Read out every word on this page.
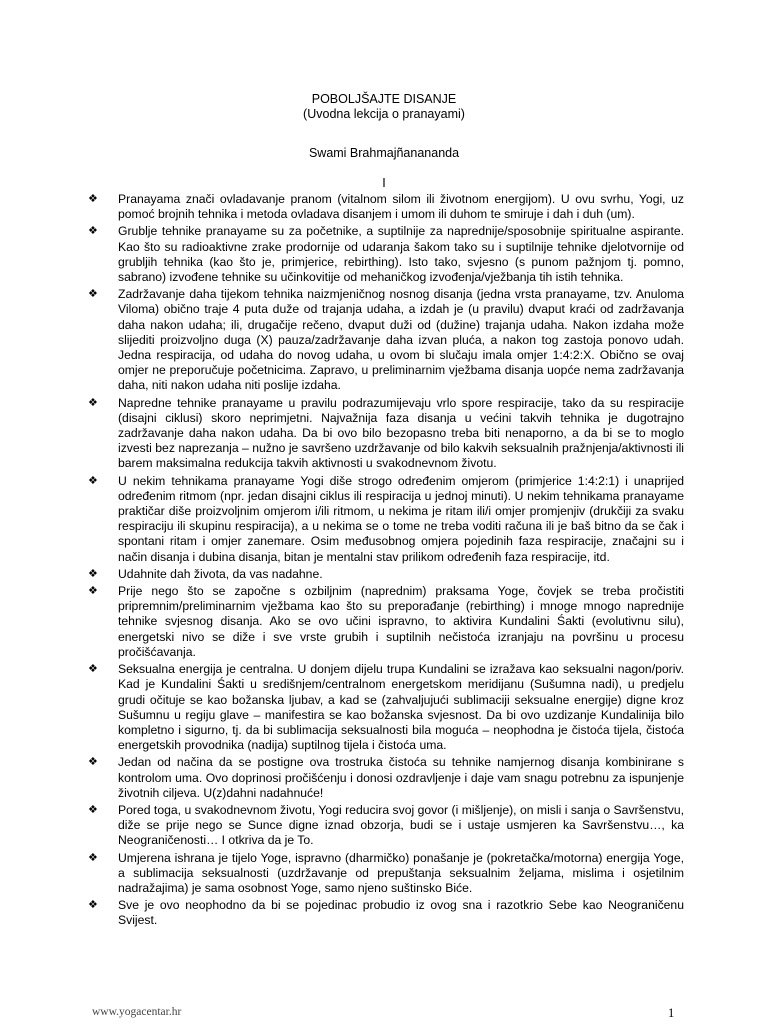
POBOLJŠAJTE DISANJE

(Uvodna lekcija o pranayami)

Swami Brahmajñanananda

I
❖ Pranayama znači ovladavanje pranom (vitalnom silom ili životnom energijom). U ovu svrhu, Yogi, uz pomoć brojnih tehnika i metoda ovladava disanjem i umom ili duhom te smiruje i dah i duh (um).
❖ Grublje tehnike pranayame su za početnike, a suptilnije za naprednije/sposobnije spiritualne aspirante. Kao što su radioaktivne zrake prodornije od udaranja šakom tako su i suptilnije tehnike djelotvornije od grubljih tehnika (kao što je, primjerice, rebirthing). Isto tako, svjesno (s punom pažnjom tj. pomno, sabrano) izvođene tehnike su učinkovitije od mehaničkog izvođenja/vježbanja tih istih tehnika.
❖ Zadržavanje daha tijekom tehnika naizmjeničnog nosnog disanja (jedna vrsta pranayame, tzv. Anuloma Viloma) obično traje 4 puta duže od trajanja udaha, a izdah je (u pravilu) dvaput kraći od zadržavanja daha nakon udaha; ili, drugačije rečeno, dvaput duži od (dužine) trajanja udaha. Nakon izdaha može slijediti proizvoljno duga (X) pauza/zadržavanje daha izvan pluća, a nakon tog zastoja ponovo udah. Jedna respiracija, od udaha do novog udaha, u ovom bi slučaju imala omjer 1:4:2:X. Obično se ovaj omjer ne preporučuje početnicima. Zapravo, u preliminarnim vježbama disanja uopće nema zadržavanja daha, niti nakon udaha niti poslije izdaha.
❖ Napredne tehnike pranayame u pravilu podrazumijevaju vrlo spore respiracije, tako da su respiracije (disajni ciklusi) skoro neprimjetni. Najvažnija faza disanja u većini takvih tehnika je dugotrajno zadržavanje daha nakon udaha. Da bi ovo bilo bezopasno treba biti nenaporno, a da bi se to moglo izvesti bez naprezanja – nužno je savršeno uzdržavanje od bilo kakvih seksualnih pražnjenja/aktivnosti ili barem maksimalna redukcija takvih aktivnosti u svakodnevnom životu.
❖ U nekim tehnikama pranayame Yogi diše strogo određenim omjerom (primjerice 1:4:2:1) i unaprijed određenim ritmom (npr. jedan disajni ciklus ili respiracija u jednoj minuti). U nekim tehnikama pranayame praktičar diše proizvoljnim omjerom i/ili ritmom, u nekima je ritam ili/i omjer promjenjiv (drukčiji za svaku respiraciju ili skupinu respiracija), a u nekima se o tome ne treba voditi računa ili je baš bitno da se čak i spontani ritam i omjer zanemare. Osim međusobnog omjera pojedinih faza respiracije, značajni su i način disanja i dubina disanja, bitan je mentalni stav prilikom određenih faza respiracije, itd.
❖ Udahnite dah života, da vas nadahne.
❖ Prije nego što se započne s ozbiljnim (naprednim) praksama Yoge, čovjek se treba pročistiti pripremnim/preliminarnim vježbama kao što su preporađanje (rebirthing) i mnoge mnogo naprednije tehnike svjesnog disanja. Ako se ovo učini ispravno, to aktivira Kundalini Śakti (evolutivnu silu), energetski nivo se diže i sve vrste grubih i suptilnih nečistoća izranjaju na površinu u procesu pročišćavanja.
❖ Seksualna energija je centralna. U donjem dijelu trupa Kundalini se izražava kao seksualni nagon/poriv. Kad je Kundalini Śakti u središnjem/centralnom energetskom meridijanu (Sušumna nadi), u predjelu grudi očituje se kao božanska ljubav, a kad se (zahvaljujući sublimaciji seksualne energije) digne kroz Sušumnu u regiju glave – manifestira se kao božanska svjesnost. Da bi ovo uzdizanje Kundalinija bilo kompletno i sigurno, tj. da bi sublimacija seksualnosti bila moguća – neophodna je čistoća tijela, čistoća energetskih provodnika (nadija) suptilnog tijela i čistoća uma.
❖ Jedan od načina da se postigne ova trostruka čistoća su tehnike namjernog disanja kombinirane s kontrolom uma. Ovo doprinosi pročišćenju i donosi ozdravljenje i daje vam snagu potrebnu za ispunjenje životnih ciljeva. U(z)dahni nadahnuće!
❖ Pored toga, u svakodnevnom životu, Yogi reducira svoj govor (i mišljenje), on misli i sanja o Savršenstvu, diže se prije nego se Sunce digne iznad obzorja, budi se i ustaje usmjeren ka Savršenstvu…, ka Neograničenosti… I otkriva da je To.
❖ Umjerena ishrana je tijelo Yoge, ispravno (dharmičko) ponašanje je (pokretačka/motorna) energija Yoge, a sublimacija seksualnosti (uzdržavanje od prepuštanja seksualnim željama, mislima i osjetilnim nadražajima) je sama osobnost Yoge, samo njeno suštinsko Biće.
❖ Sve je ovo neophodno da bi se pojedinac probudio iz ovog sna i razotkrio Sebe kao Neograničenu Svijest.
www.yogacentar.hr	1
